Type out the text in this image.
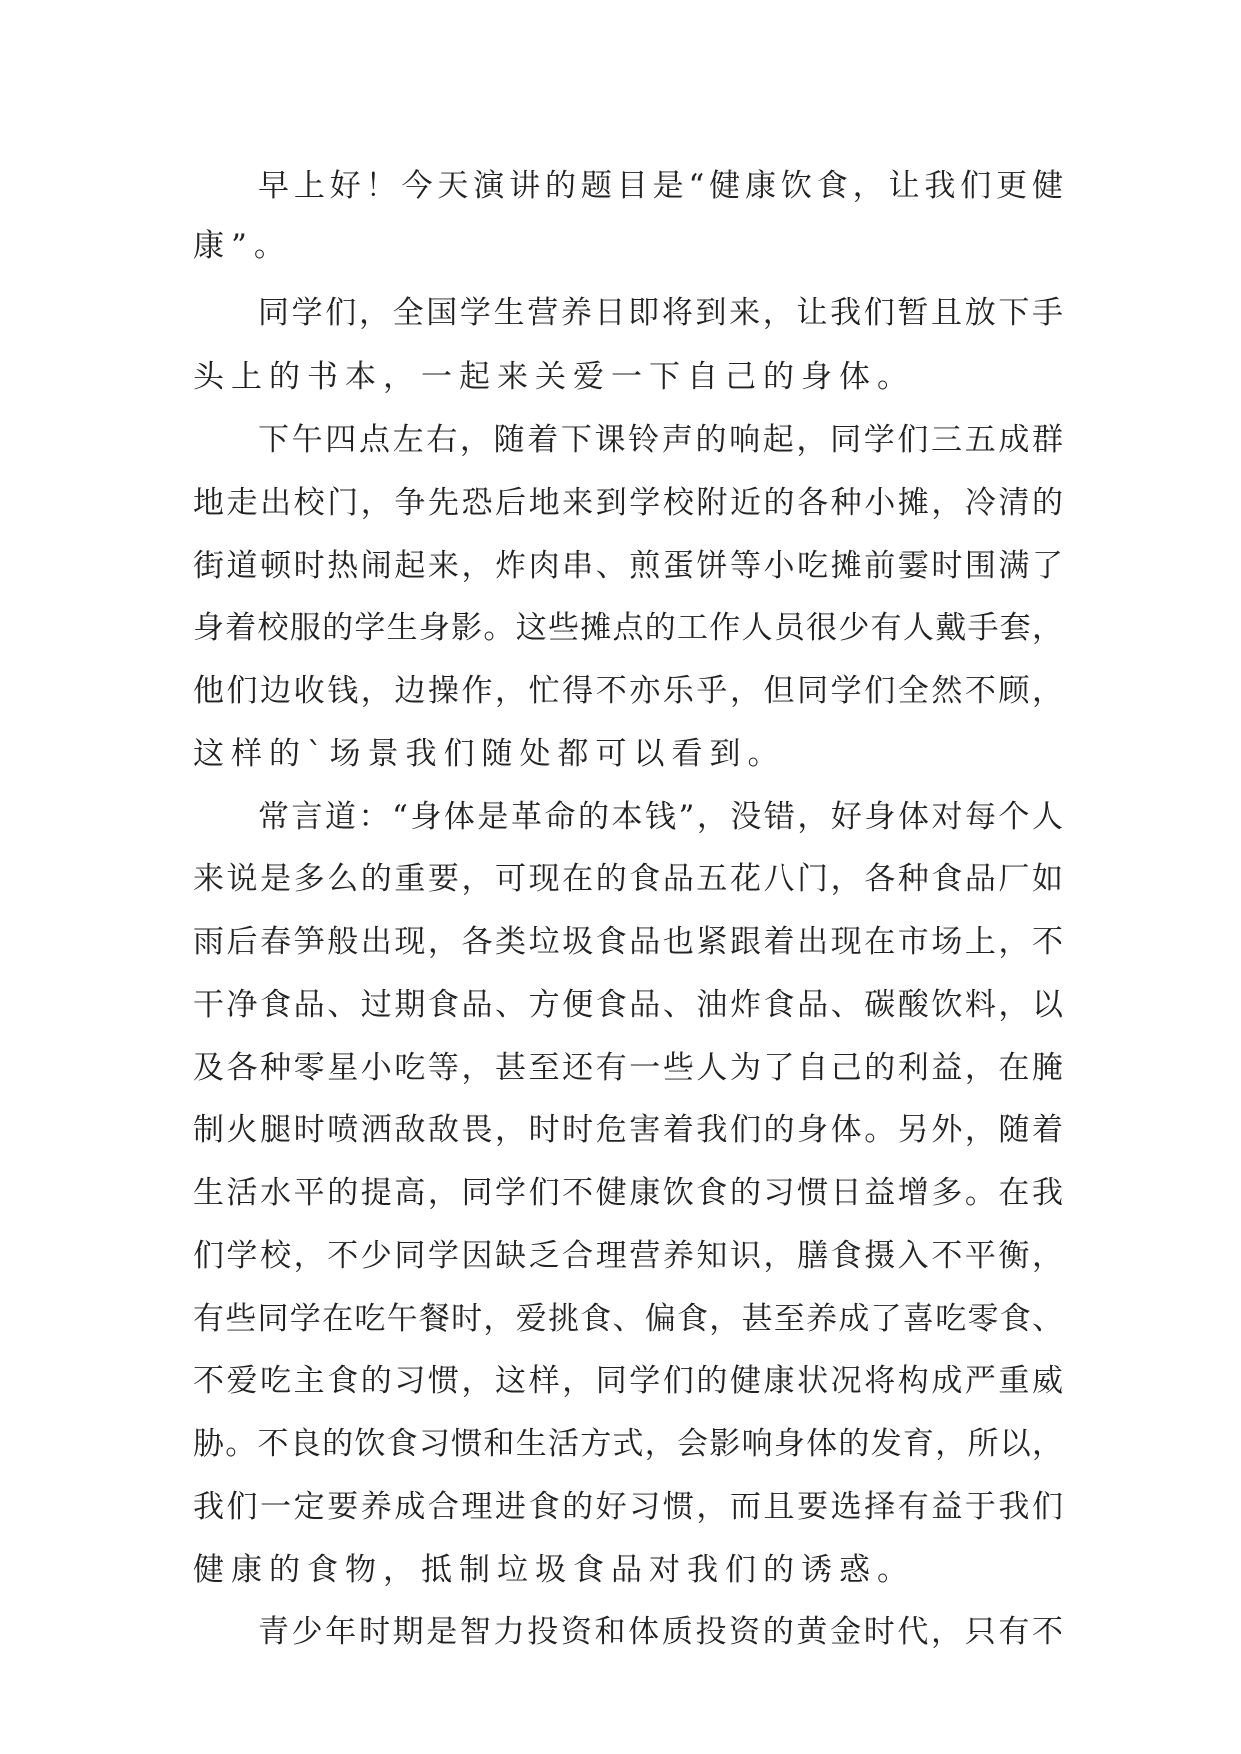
早上好！今天演讲的题目是“健康饮食，让我们更健
康”。
同学们，全国学生营养日即将到来，让我们暂且放下手
头上的书本，一起来关爱一下自己的身体。
下午四点左右，随着下课铃声的响起，同学们三五成群
地走出校门，争先恐后地来到学校附近的各种小摊，冷清的
街道顿时热闹起来，炸肉串、煎蛋饼等小吃摊前霎时围满了
身着校服的学生身影。这些摊点的工作人员很少有人戴手套，
他们边收钱，边操作，忙得不亦乐乎，但同学们全然不顾，
这样的`场景我们随处都可以看到。
常言道：“身体是革命的本钱”，没错，好身体对每个人
来说是多么的重要，可现在的食品五花八门，各种食品厂如
雨后春笋般出现，各类垃圾食品也紧跟着出现在市场上，不
干净食品、过期食品、方便食品、油炸食品、碳酸饮料，以
及各种零星小吃等，甚至还有一些人为了自己的利益，在腌
制火腿时喷洒敌敌畏，时时危害着我们的身体。另外，随着
生活水平的提高，同学们不健康饮食的习惯日益增多。在我
们学校，不少同学因缺乏合理营养知识，膳食摄入不平衡，
有些同学在吃午餐时，爱挑食、偏食，甚至养成了喜吃零食、
不爱吃主食的习惯，这样，同学们的健康状况将构成严重威
胁。不良的饮食习惯和生活方式，会影响身体的发育，所以，
我们一定要养成合理进食的好习惯，而且要选择有益于我们
健康的食物，抵制垃圾食品对我们的诱惑。
青少年时期是智力投资和体质投资的黄金时代，只有不
